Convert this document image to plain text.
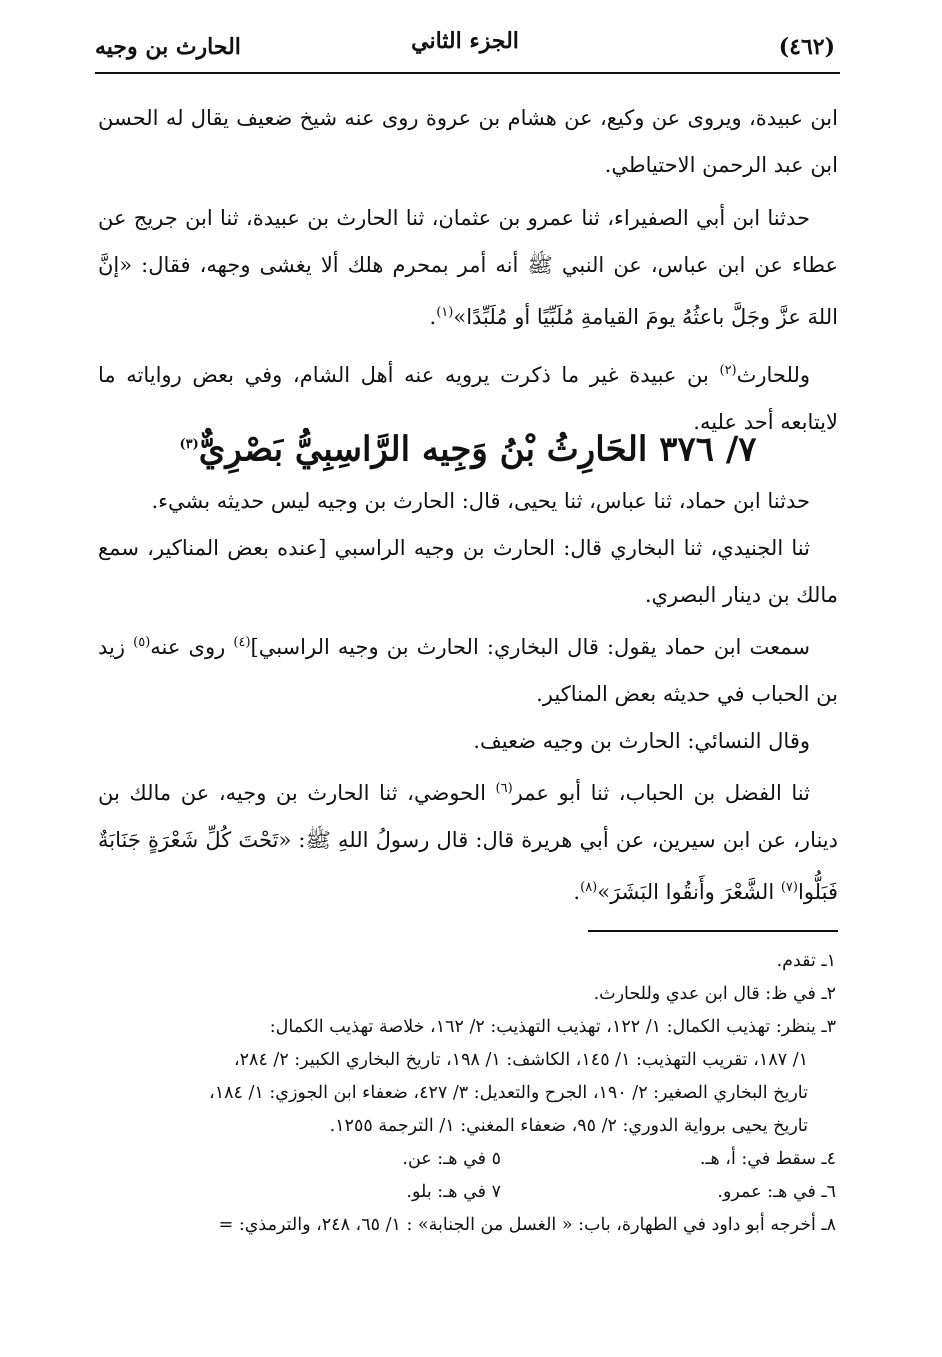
(٤٦٢)
الجزء الثاني
الحارث بن وجيه

ابن عبيدة، ويروى عن وكيع، عن هشام بن عروة روى عنه شيخ ضعيف يقال له الحسن ابن عبد الرحمن الاحتياطي.

حدثنا ابن أبي الصفيراء، ثنا عمرو بن عثمان، ثنا الحارث بن عبيدة، ثنا ابن جريج عن عطاء عن ابن عباس، عن النبي ﷺ أنه أمر بمحرم هلك ألا يغشى وجهه، فقال: «إنَّ اللهَ عزَّ وجَلَّ باعثُهُ يومَ القيامةِ مُلَبِّيًا أو مُلَبِّدًا»$^{(١)}$.

وللحارث$^{(٢)}$ بن عبيدة غير ما ذكرت يرويه عنه أهل الشام، وفي بعض رواياته ما لايتابعه أحد عليه.

٧/ ٣٧٦ الحَارِثُ بْنُ وَجِيه الرَّاسِبِيُّ بَصْرِيٌّ$^{(٣)}$

حدثنا ابن حماد، ثنا عباس، ثنا يحيى، قال: الحارث بن وجيه ليس حديثه بشيء.

ثنا الجنيدي، ثنا البخاري قال: الحارث بن وجيه الراسبي [عنده بعض المناكير، سمع مالك بن دينار البصري.

سمعت ابن حماد يقول: قال البخاري: الحارث بن وجيه الراسبي]$^{(٤)}$ روى عنه$^{(٥)}$ زيد بن الحباب في حديثه بعض المناكير.

وقال النسائي: الحارث بن وجيه ضعيف.

ثنا الفضل بن الحباب، ثنا أبو عمر$^{(٦)}$ الحوضي، ثنا الحارث بن وجيه، عن مالك بن دينار، عن ابن سيرين، عن أبي هريرة قال: قال رسولُ اللهِ ﷺ: «تَحْتَ كُلِّ شَعْرَةٍ جَنَابَةٌ فَبَلُّوا$^{(٧)}$ الشَّعْرَ وأَنقُوا البَشَرَ»$^{(٨)}$.

١ـ تقدم.

٢ـ في ظ: قال ابن عدي وللحارث.

٣ـ ينظر: تهذيب الكمال: ١/ ١٢٢، تهذيب التهذيب: ٢/ ١٦٢، خلاصة تهذيب الكمال:

١/ ١٨٧، تقريب التهذيب: ١/ ١٤٥، الكاشف: ١/ ١٩٨، تاريخ البخاري الكبير: ٢/ ٢٨٤،

تاريخ البخاري الصغير: ٢/ ١٩٠، الجرح والتعديل: ٣/ ٤٢٧، ضعفاء ابن الجوزي: ١/ ١٨٤،

تاريخ يحيى برواية الدوري: ٢/ ٩٥، ضعفاء المغني: ١/ الترجمة ١٢٥٥.

٤ـ سقط في: أ، هـ.
٥ في هـ: عن.
٦ـ في هـ: عمرو.
٧ في هـ: بلو.

٨ـ أخرجه أبو داود في الطهارة، باب: « الغسل من الجنابة» : ١/ ٦٥، ٢٤٨، والترمذي: =
